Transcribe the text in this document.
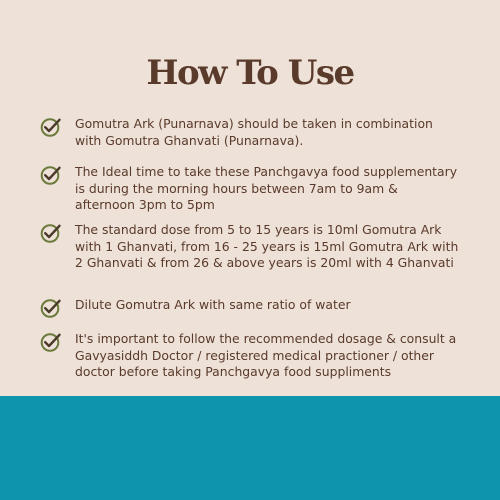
How To Use
Gomutra Ark (Punarnava) should be taken in combination with Gomutra Ghanvati (Punarnava).
The Ideal time to take these Panchgavya food supplementary is during the morning hours between 7am to 9am & afternoon 3pm to 5pm
The standard dose from 5 to 15 years is 10ml Gomutra Ark with 1 Ghanvati, from 16 - 25 years is 15ml Gomutra Ark with 2 Ghanvati & from 26 & above years is 20ml with 4 Ghanvati
Dilute Gomutra Ark with same ratio of water
It's important to follow the recommended dosage & consult a Gavyasiddh Doctor / registered medical practioner / other doctor before taking Panchgavya food suppliments
